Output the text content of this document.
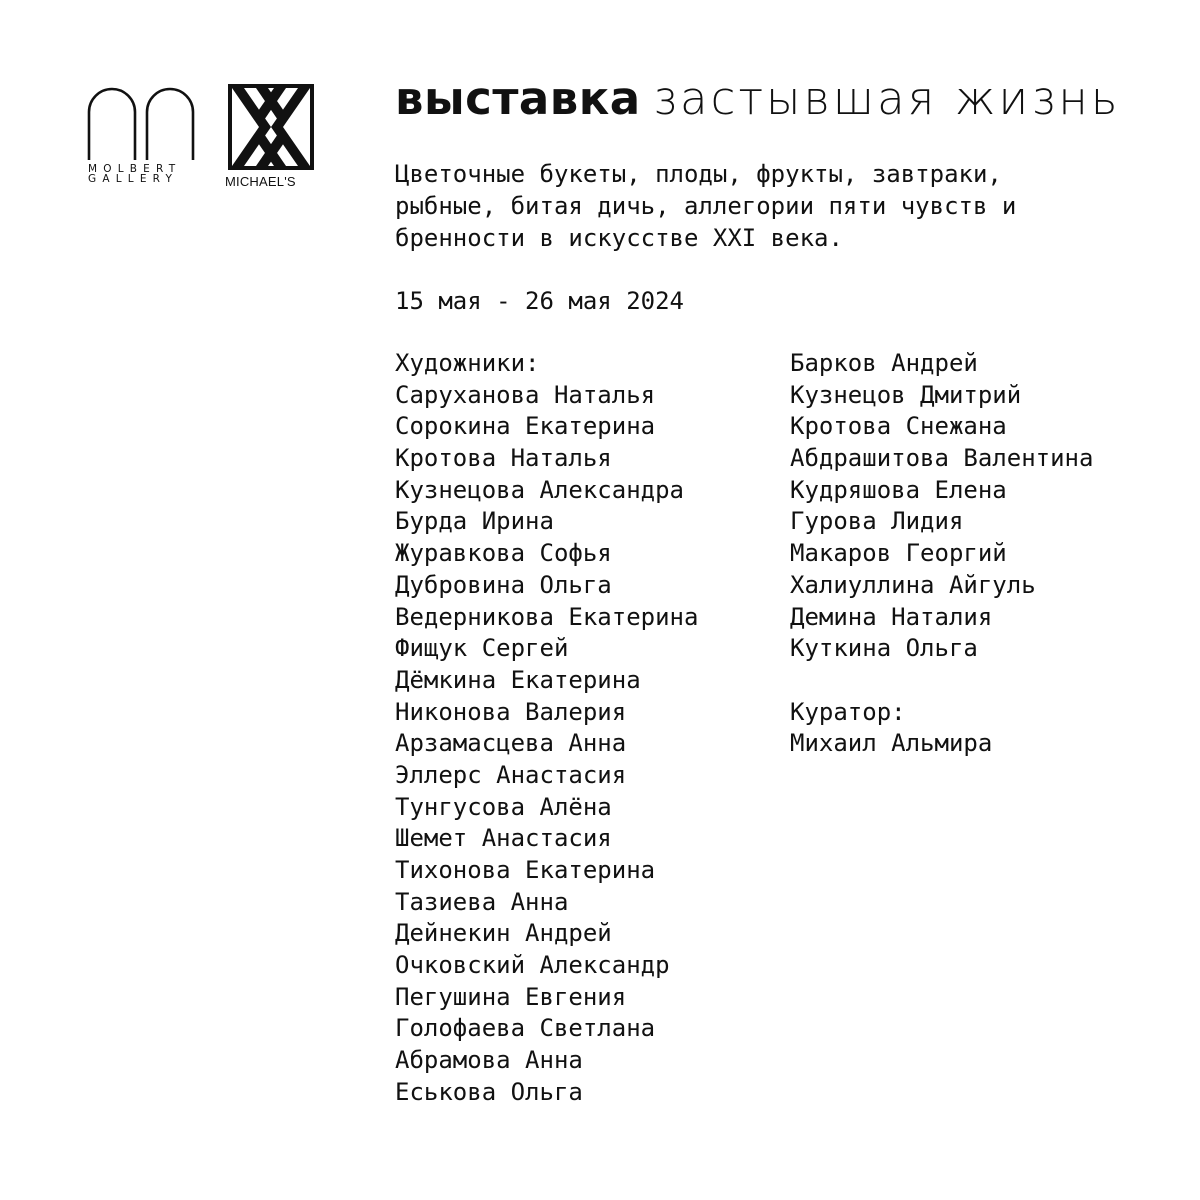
MOLBERT
GALLERY	MICHAEL'S
выставка застывшая жизнь
Цветочные букеты, плоды, фрукты, завтраки,
рыбные, битая дичь, аллегории пяти чувств и
бренности в искусстве XXI века.
15 мая - 26 мая 2024
Художники:
Саруханова Наталья
Сорокина Екатерина
Кротова Наталья
Кузнецова Александра
Бурда Ирина
Журавкова Софья
Дубровина Ольга
Ведерникова Екатерина
Фищук Сергей
Дёмкина Екатерина
Никонова Валерия
Арзамасцева Анна
Эллерс Анастасия
Тунгусова Алёна
Шемет Анастасия
Тихонова Екатерина
Тазиева Анна
Дейнекин Андрей
Очковский Александр
Пегушина Евгения
Голофаева Светлана
Абрамова Анна
Еськова Ольга
Барков Андрей
Кузнецов Дмитрий
Кротова Снежана
Абдрашитова Валентина
Кудряшова Елена
Гурова Лидия
Макаров Георгий
Халиуллина Айгуль
Демина Наталия
Куткина Ольга
Куратор:
Михаил Альмира
